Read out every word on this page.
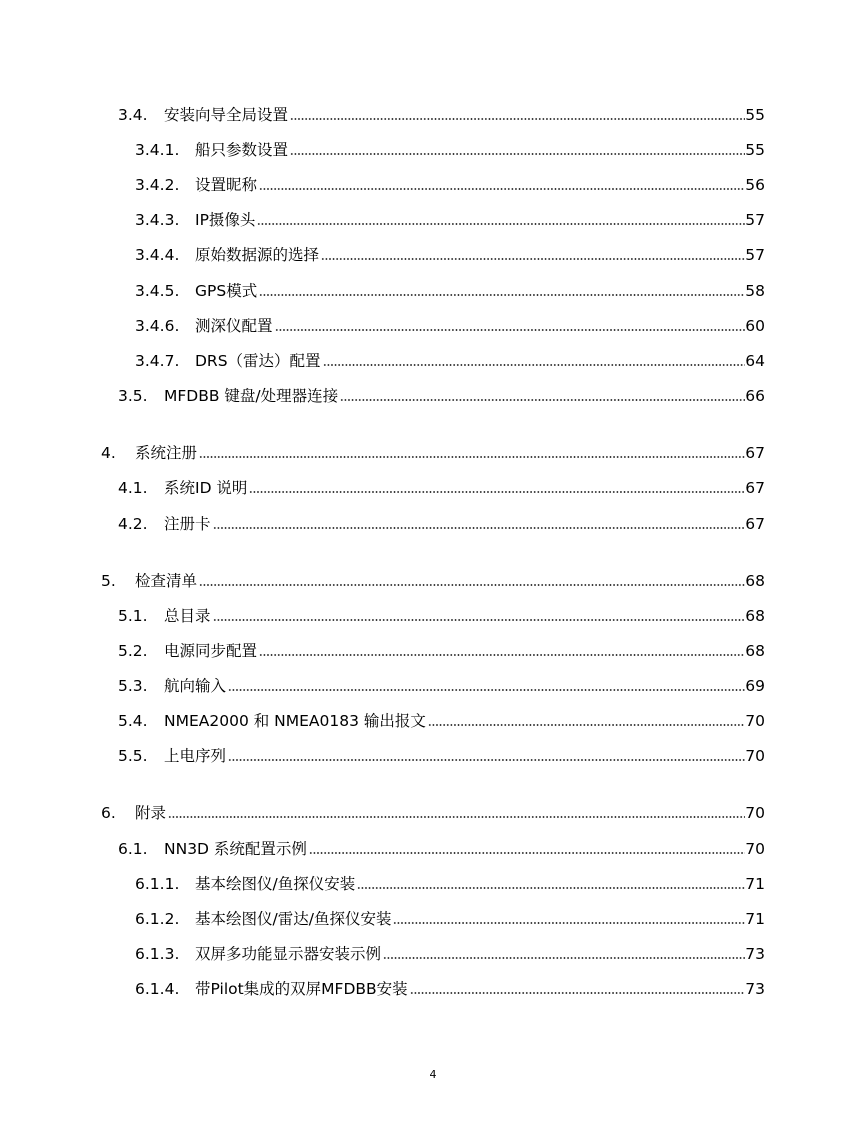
3.4.	安装向导全局设置	55
3.4.1.	船只参数设置	55
3.4.2.	设置昵称	56
3.4.3.	IP摄像头	57
3.4.4.	原始数据源的选择	57
3.4.5.	GPS模式	58
3.4.6.	测深仪配置	60
3.4.7.	DRS（雷达）配置	64
3.5.	MFDBB 键盘/处理器连接	66
4.	系统注册	67
4.1.	系统ID 说明	67
4.2.	注册卡	67
5.	检查清单	68
5.1.	总目录	68
5.2.	电源同步配置	68
5.3.	航向输入	69
5.4.	NMEA2000 和 NMEA0183 输出报文	70
5.5.	上电序列	70
6.	附录	70
6.1.	NN3D 系统配置示例	70
6.1.1.	基本绘图仪/鱼探仪安装	71
6.1.2.	基本绘图仪/雷达/鱼探仪安装	71
6.1.3.	双屏多功能显示器安装示例	73
6.1.4.	带Pilot集成的双屏MFDBB安装	73
4
